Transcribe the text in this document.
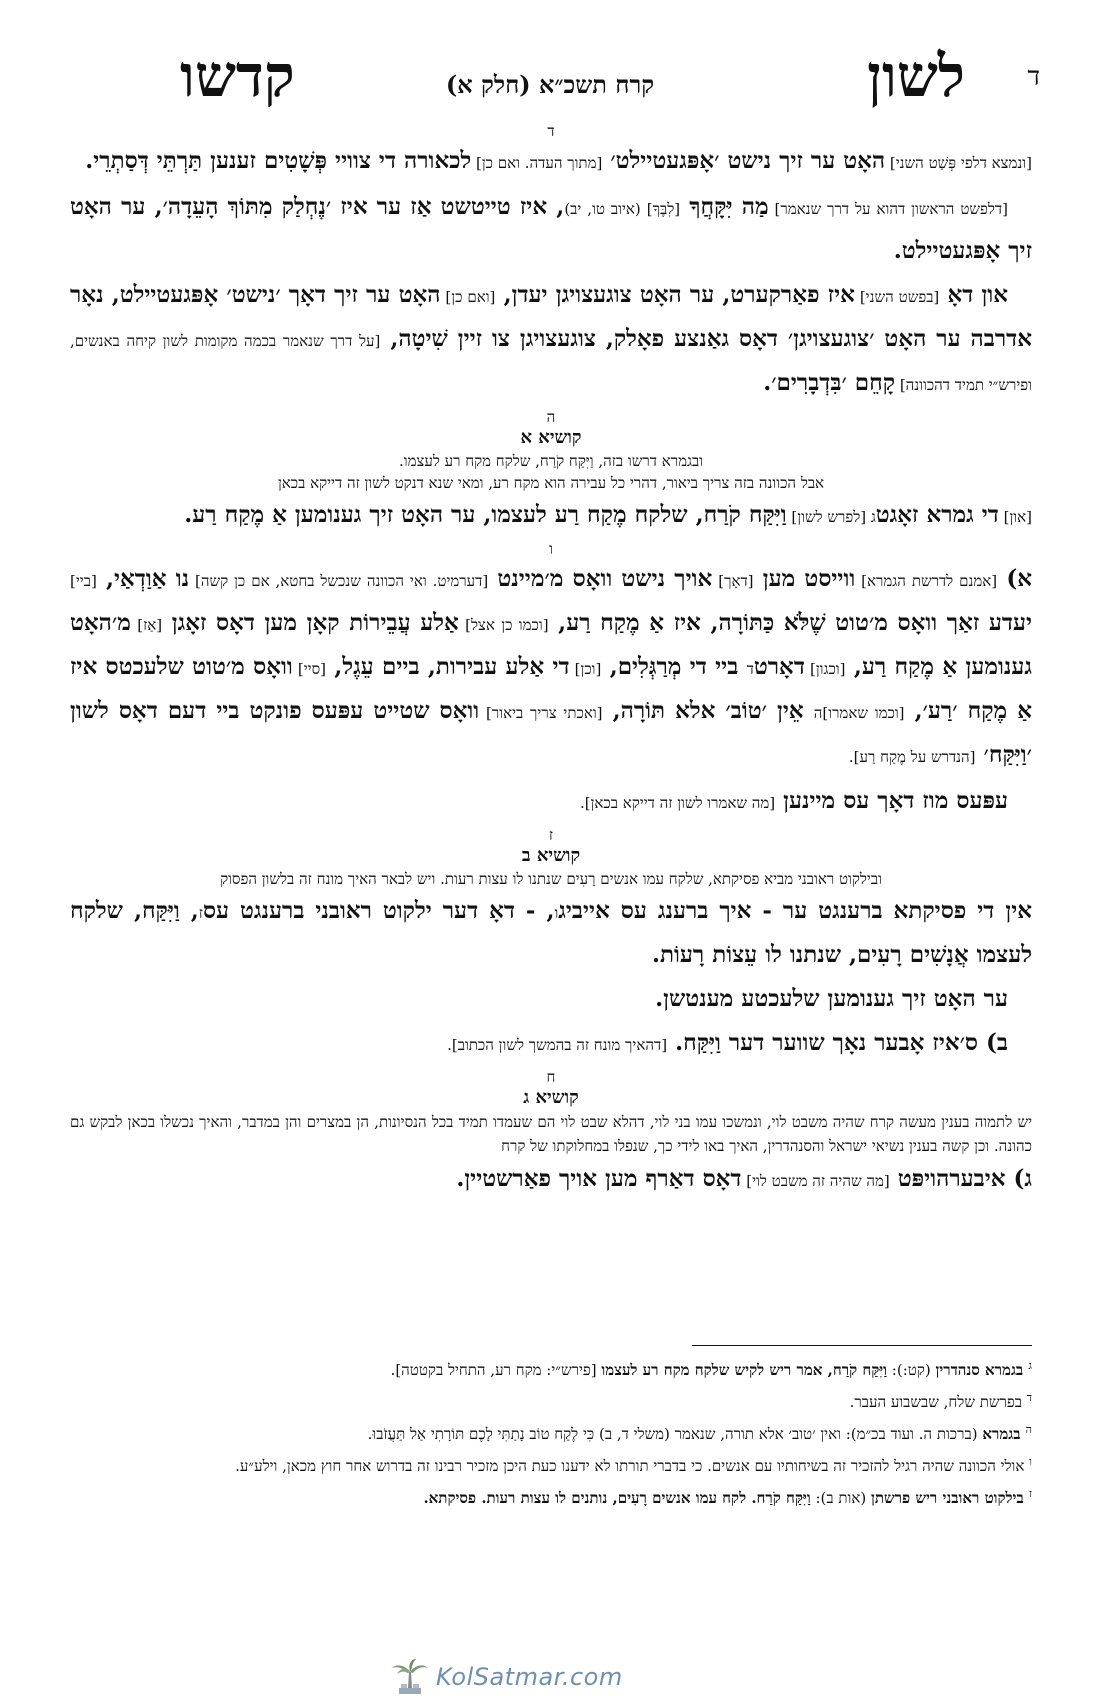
ד
לשון
קרח תשכ״א (חלק א)
קדשו

ד

[ונמצא דלפי פְּשַׁט השני] האָט ער זיך נישט ׳אָפּגעטיילט׳ [מתוך העדה. ואם כן] לכאורה די צוויי פְּשָׁטִים זענען תַּרְתֵּי דְּסַתְרֵי.

[דלפשט הראשון דהוא על דרך שנאמר] מַה יִּקָּחֲךָ [לִבֶּךָ] (איוב טו, יב), איז טייטשט אַז ער איז ׳נֶחְלַק מִתּוֹךְ הָעֵדָה׳, ער האָט זיך אָפּגעטיילט.

און דאָ [בפשט השני] איז פאַרקערט, ער האָט צוגעצויגן יעדן, [ואם כן] האָט ער זיך דאָך ׳נישט׳ אָפּגעטיילט, נאָר אדרבה ער האָט ׳צוגעצויגן׳ דאָס גאַנצע פאָלק, צוגעצויגן צו זיין שִׁיטָה, [על דרך שנאמר בכמה מקומות לשון קיחה באנשים, ופירש״י תמיד דהכוונה] קָחֵם ׳בִּדְבָרִים׳.

ה

קושיא א

ובגמרא דרשו בזה, וַיִּקַּח קֹרַח, שלקח מקח רע לעצמו.

אבל הכוונה בזה צריך ביאור, דהרי כל עבירה הוא מקח רע, ומאי שנא דנקט לשון זה דייקא בכאן

[און] די גמרא זאָגטג [לפרש לשון] וַיִּקַּח קֹרַח, שלקח מֶקַח רַע לעצמו, ער האָט זיך גענומען אַ מֶקַח רַע.

ו

א) [אמנם לדרשת הגמרא] ווייסט מען [דאָך] אויך נישט וואָס מ׳מיינט [דערמיט. ואי הכוונה שנכשל בחטא, אם כן קשה] נו אַוַדְאַי, [ביי] יעדע זאַך וואָס מ׳טוט שֶׁלֹּא כַּתּוֹרָה, איז אַ מֶקַח רַע, [וכמו כן אצל] אַלע עֲבֵירוֹת קאָן מען דאָס זאָגן [אַז] מ׳האָט גענומען אַ מֶקַח רַע, [וכגון] דאָרטד ביי די מְרַגְּלִים, [וכן] די אַלע עבירות, ביים עֵגֶל, [סיי] וואָס מ׳טוט שלעכטס איז אַ מֶקַח ׳רַע׳, [וכמו שאמרו]ה אֵין ׳טוֹב׳ אלא תּוֹרָה, [ואכתי צריך ביאור] וואָס שטייט עפּעס פונקט ביי דעם דאָס לשון ׳וַיִּקַּח׳ [הנדרש על מֶקַח רַע].

עפּעס מוז דאָך עס מיינען [מה שאמרו לשון זה דייקא בכאן].

ז

קושיא ב

ובילקוט ראובני מביא פסיקתא, שלקח עמו אנשים רָעִים שנתנו לו עצות רעות. ויש לבאר האיך מונח זה בלשון הפסוק

אין די פסיקתא ברענגט ער - איך ברענג עס אייביגו, - דאָ דער ילקוט ראובני ברענגט עסז, וַיִּקַּח, שלקח לעצמו אֲנָשִׁים רָעִים, שנתנו לו עֵצוֹת רָעוֹת.

ער האָט זיך גענומען שלעכטע מענטשן.

ב) ס׳איז אָבער נאָך שווער דער וַיִּקַּח. [דהאיך מונח זה בהמשך לשון הכתוב].

ח

קושיא ג

יש לתמוה בענין מעשה קרח שהיה משבט לוי, ונמשכו עמו בני לוי, דהלא שבט לוי הם שעמדו תמיד בכל הנסיונות, הן במצרים והן במדבר, והאיך נכשלו בכאן לבקש גם כהונה. וכן קשה בענין נשיאי ישראל והסנהדרין, האיך באו לידי כך, שנפלו במחלוקתו של קרח

ג) איבערהויפּט [מה שהיה זה משבט לוי] דאָס דאַרף מען אויך פאַרשטיין.

$^ג$ בגמרא סנהדרין (קט:): וַיִּקַּח קֹרַח, אמר ריש לקיש שלקח מקח רע לעצמו [פירש״י: מקח רע, התחיל בקטטה].

$^ד$ בפרשת שלח, שבשבוע העבר.

$^ה$ בגמרא (ברכות ה. ועוד בכ״מ): ואין ׳טוב׳ אלא תורה, שנאמר (משלי ד, ב) כִּי לֶקַח טוֹב נָתַתִּי לָכֶם תּוֹרָתִי אַל תַּעֲזֹבוּ.

$^ו$ אולי הכוונה שהיה רגיל להזכיר זה בשיחותיו עם אנשים. כי בדברי תורתו לא ידענו כעת היכן מזכיר רבינו זה בדרוש אחר חוץ מכאן, וילע״ע.

$^ז$ בילקוט ראובני ריש פרשתן (אות ב): וַיִּקַּח קֹרַח. לקח עמו אנשים רָעִים, נותנים לו עצות רעות. פסיקתא.

KolSatmar.com
